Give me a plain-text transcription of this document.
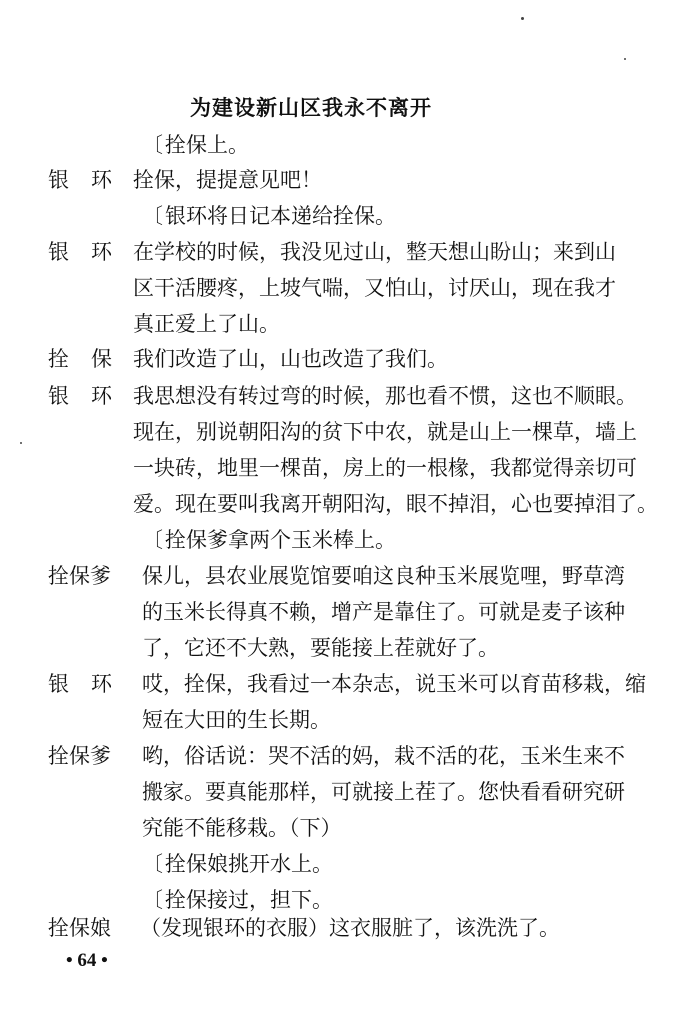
为建设新山区我永不离开
〔拴保上。
银环 拴保，提提意见吧！
〔银环将日记本递给拴保。
银环 在学校的时候，我没见过山，整天想山盼山；来到山
区干活腰疼，上坡气喘，又怕山，讨厌山，现在我才
真正爱上了山。
拴保 我们改造了山，山也改造了我们。
银环 我思想没有转过弯的时候，那也看不惯，这也不顺眼。
现在，别说朝阳沟的贫下中农，就是山上一棵草，墙上
一块砖，地里一棵苗，房上的一根椽，我都觉得亲切可
爱。现在要叫我离开朝阳沟，眼不掉泪，心也要掉泪了。
〔拴保爹拿两个玉米棒上。
拴保爹 保儿，县农业展览馆要咱这良种玉米展览哩，野草湾
的玉米长得真不赖，增产是靠住了。可就是麦子该种
了，它还不大熟，要能接上茬就好了。
银环 哎，拴保，我看过一本杂志，说玉米可以育苗移栽，缩
短在大田的生长期。
拴保爹 哟，俗话说：哭不活的妈，栽不活的花，玉米生来不
搬家。要真能那样，可就接上茬了。您快看看研究研
究能不能移栽。（下）
〔拴保娘挑开水上。
〔拴保接过，担下。
拴保娘 （发现银环的衣服）这衣服脏了，该洗洗了。
• 64 •
